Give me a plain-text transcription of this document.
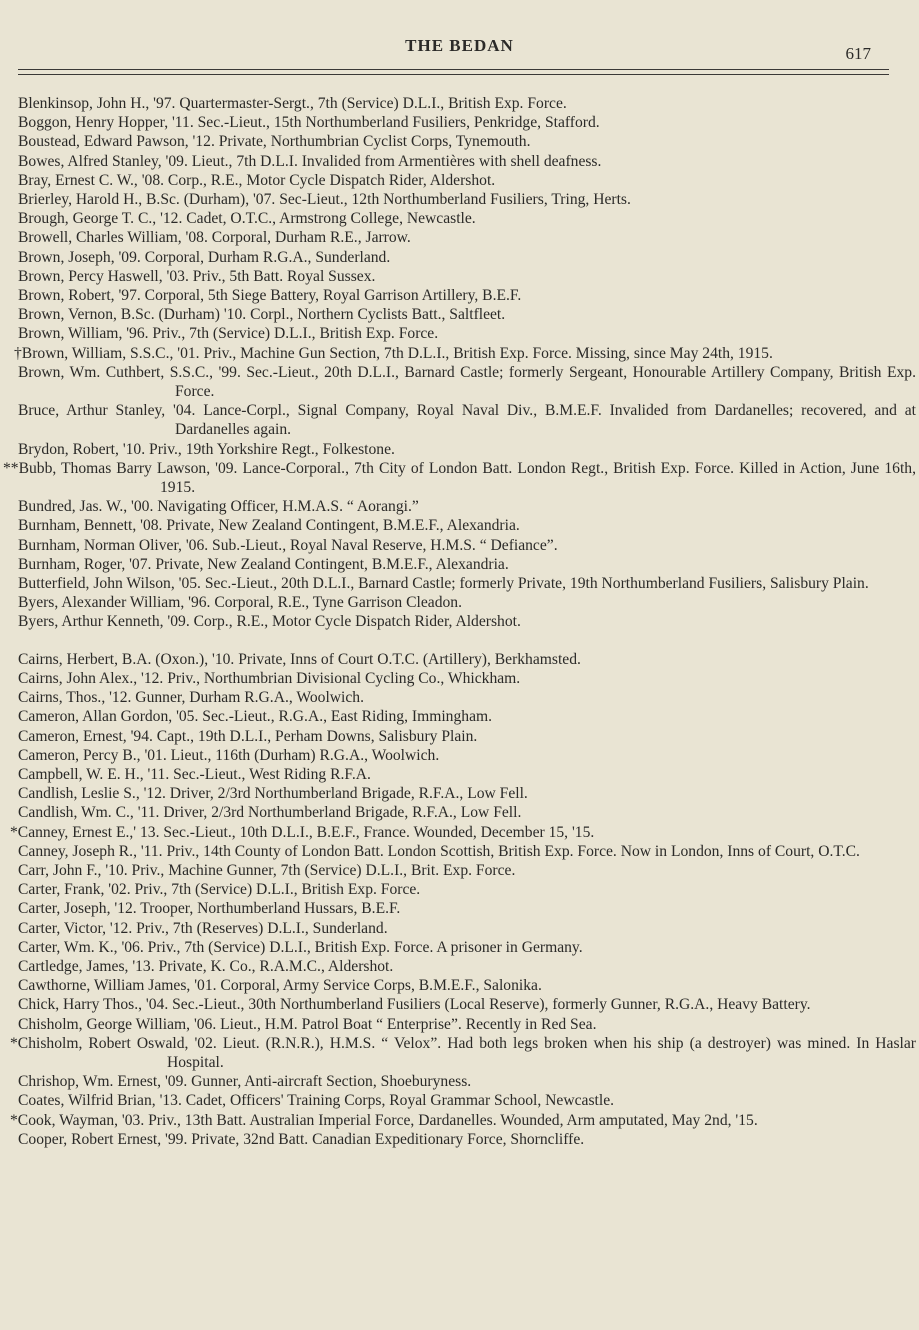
THE BEDAN	617

Blenkinsop, John H., '97. Quartermaster-Sergt., 7th (Service) D.L.I., British Exp. Force.

Boggon, Henry Hopper, '11. Sec.-Lieut., 15th Northumberland Fusiliers, Penkridge, Stafford.

Boustead, Edward Pawson, '12. Private, Northumbrian Cyclist Corps, Tynemouth.

Bowes, Alfred Stanley, '09. Lieut., 7th D.L.I. Invalided from Armentières with shell deafness.

Bray, Ernest C. W., '08. Corp., R.E., Motor Cycle Dispatch Rider, Aldershot.

Brierley, Harold H., B.Sc. (Durham), '07. Sec-Lieut., 12th Northumberland Fusiliers, Tring, Herts.

Brough, George T. C., '12. Cadet, O.T.C., Armstrong College, Newcastle.

Browell, Charles William, '08. Corporal, Durham R.E., Jarrow.

Brown, Joseph, '09. Corporal, Durham R.G.A., Sunderland.

Brown, Percy Haswell, '03. Priv., 5th Batt. Royal Sussex.

Brown, Robert, '97. Corporal, 5th Siege Battery, Royal Garrison Artillery, B.E.F.

Brown, Vernon, B.Sc. (Durham) '10. Corpl., Northern Cyclists Batt., Saltfleet.

Brown, William, '96. Priv., 7th (Service) D.L.I., British Exp. Force.

†Brown, William, S.S.C., '01. Priv., Machine Gun Section, 7th D.L.I., British Exp. Force. Missing, since May 24th, 1915.

Brown, Wm. Cuthbert, S.S.C., '99. Sec.-Lieut., 20th D.L.I., Barnard Castle; formerly Sergeant, Honourable Artillery Company, British Exp. Force.

Bruce, Arthur Stanley, '04. Lance-Corpl., Signal Company, Royal Naval Div., B.M.E.F. Invalided from Dardanelles; recovered, and at Dardanelles again.

Brydon, Robert, '10. Priv., 19th Yorkshire Regt., Folkestone.

**Bubb, Thomas Barry Lawson, '09. Lance-Corporal., 7th City of London Batt. London Regt., British Exp. Force. Killed in Action, June 16th, 1915.

Bundred, Jas. W., '00. Navigating Officer, H.M.A.S. “ Aorangi.”

Burnham, Bennett, '08. Private, New Zealand Contingent, B.M.E.F., Alexandria.

Burnham, Norman Oliver, '06. Sub.-Lieut., Royal Naval Reserve, H.M.S. “ Defiance”.

Burnham, Roger, '07. Private, New Zealand Contingent, B.M.E.F., Alexandria.

Butterfield, John Wilson, '05. Sec.-Lieut., 20th D.L.I., Barnard Castle; formerly Private, 19th Northumberland Fusiliers, Salisbury Plain.

Byers, Alexander William, '96. Corporal, R.E., Tyne Garrison Cleadon.

Byers, Arthur Kenneth, '09. Corp., R.E., Motor Cycle Dispatch Rider, Aldershot.

Cairns, Herbert, B.A. (Oxon.), '10. Private, Inns of Court O.T.C. (Artillery), Berkhamsted.

Cairns, John Alex., '12. Priv., Northumbrian Divisional Cycling Co., Whickham.

Cairns, Thos., '12. Gunner, Durham R.G.A., Woolwich.

Cameron, Allan Gordon, '05. Sec.-Lieut., R.G.A., East Riding, Immingham.

Cameron, Ernest, '94. Capt., 19th D.L.I., Perham Downs, Salisbury Plain.

Cameron, Percy B., '01. Lieut., 116th (Durham) R.G.A., Woolwich.

Campbell, W. E. H., '11. Sec.-Lieut., West Riding R.F.A.

Candlish, Leslie S., '12. Driver, 2/3rd Northumberland Brigade, R.F.A., Low Fell.

Candlish, Wm. C., '11. Driver, 2/3rd Northumberland Brigade, R.F.A., Low Fell.

*Canney, Ernest E.,' 13. Sec.-Lieut., 10th D.L.I., B.E.F., France. Wounded, December 15, '15.

Canney, Joseph R., '11. Priv., 14th County of London Batt. London Scottish, British Exp. Force. Now in London, Inns of Court, O.T.C.

Carr, John F., '10. Priv., Machine Gunner, 7th (Service) D.L.I., Brit. Exp. Force.

Carter, Frank, '02. Priv., 7th (Service) D.L.I., British Exp. Force.

Carter, Joseph, '12. Trooper, Northumberland Hussars, B.E.F.

Carter, Victor, '12. Priv., 7th (Reserves) D.L.I., Sunderland.

Carter, Wm. K., '06. Priv., 7th (Service) D.L.I., British Exp. Force. A prisoner in Germany.

Cartledge, James, '13. Private, K. Co., R.A.M.C., Aldershot.

Cawthorne, William James, '01. Corporal, Army Service Corps, B.M.E.F., Salonika.

Chick, Harry Thos., '04. Sec.-Lieut., 30th Northumberland Fusiliers (Local Reserve), formerly Gunner, R.G.A., Heavy Battery.

Chisholm, George William, '06. Lieut., H.M. Patrol Boat “ Enterprise”. Recently in Red Sea.

*Chisholm, Robert Oswald, '02. Lieut. (R.N.R.), H.M.S. “ Velox”. Had both legs broken when his ship (a destroyer) was mined. In Haslar Hospital.

Chrishop, Wm. Ernest, '09. Gunner, Anti-aircraft Section, Shoeburyness.

Coates, Wilfrid Brian, '13. Cadet, Officers' Training Corps, Royal Grammar School, Newcastle.

*Cook, Wayman, '03. Priv., 13th Batt. Australian Imperial Force, Dardanelles. Wounded, Arm amputated, May 2nd, '15.

Cooper, Robert Ernest, '99. Private, 32nd Batt. Canadian Expeditionary Force, Shorncliffe.
